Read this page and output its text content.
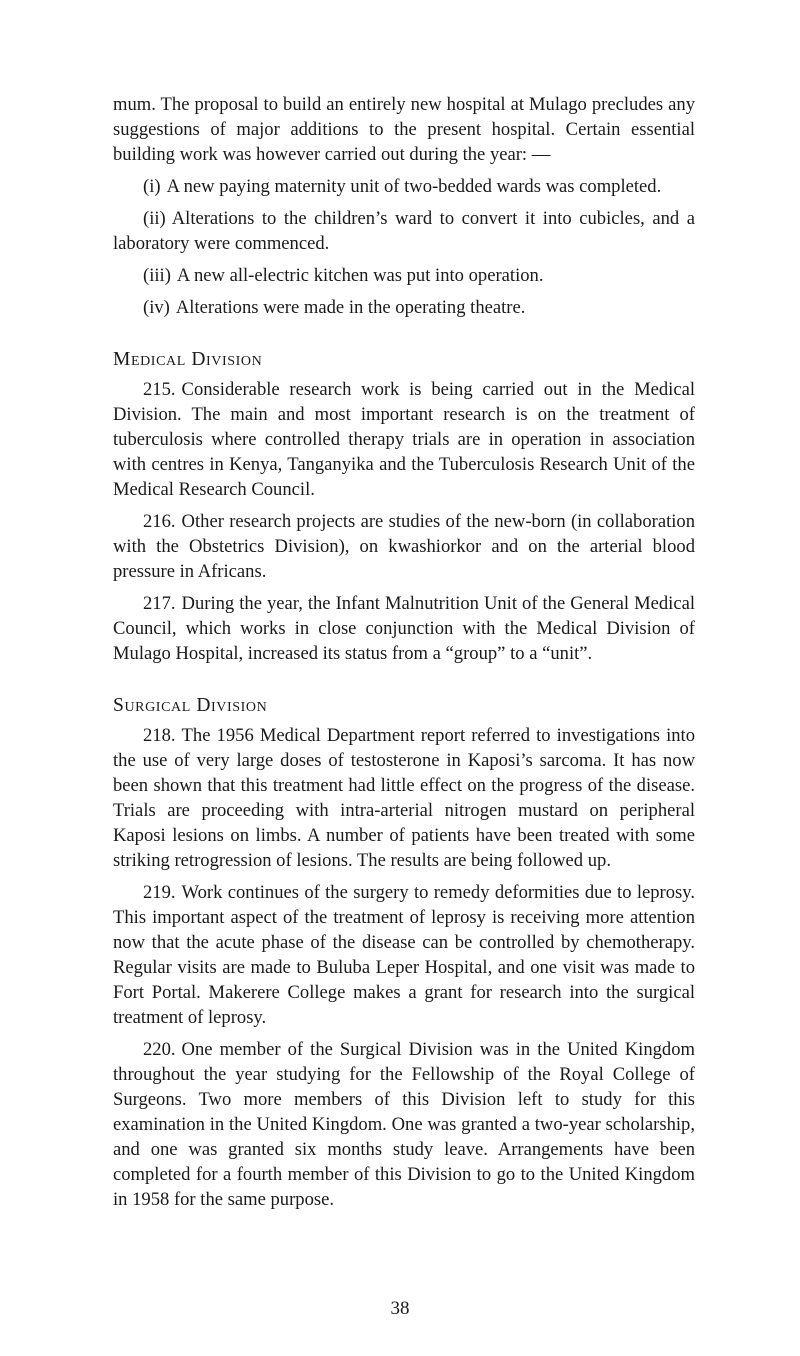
mum. The proposal to build an entirely new hospital at Mulago precludes any suggestions of major additions to the present hospital. Certain essential building work was however carried out during the year: —

(i) A new paying maternity unit of two-bedded wards was completed.

(ii) Alterations to the children’s ward to convert it into cubicles, and a laboratory were commenced.

(iii) A new all-electric kitchen was put into operation.

(iv) Alterations were made in the operating theatre.

Medical Division

215. Considerable research work is being carried out in the Medical Division. The main and most important research is on the treatment of tuberculosis where controlled therapy trials are in operation in association with centres in Kenya, Tanganyika and the Tuberculosis Research Unit of the Medical Research Council.

216. Other research projects are studies of the new-born (in collaboration with the Obstetrics Division), on kwashiorkor and on the arterial blood pressure in Africans.

217. During the year, the Infant Malnutrition Unit of the General Medical Council, which works in close conjunction with the Medical Division of Mulago Hospital, increased its status from a “group” to a “unit”.

Surgical Division

218. The 1956 Medical Department report referred to investigations into the use of very large doses of testosterone in Kaposi’s sarcoma. It has now been shown that this treatment had little effect on the progress of the disease. Trials are proceeding with intra-arterial nitrogen mustard on peripheral Kaposi lesions on limbs. A number of patients have been treated with some striking retrogression of lesions. The results are being followed up.

219. Work continues of the surgery to remedy deformities due to leprosy. This important aspect of the treatment of leprosy is receiving more attention now that the acute phase of the disease can be controlled by chemotherapy. Regular visits are made to Buluba Leper Hospital, and one visit was made to Fort Portal. Makerere College makes a grant for research into the surgical treatment of leprosy.

220. One member of the Surgical Division was in the United Kingdom throughout the year studying for the Fellowship of the Royal College of Surgeons. Two more members of this Division left to study for this examination in the United Kingdom. One was granted a two-year scholarship, and one was granted six months study leave. Arrangements have been completed for a fourth member of this Division to go to the United Kingdom in 1958 for the same purpose.

38
